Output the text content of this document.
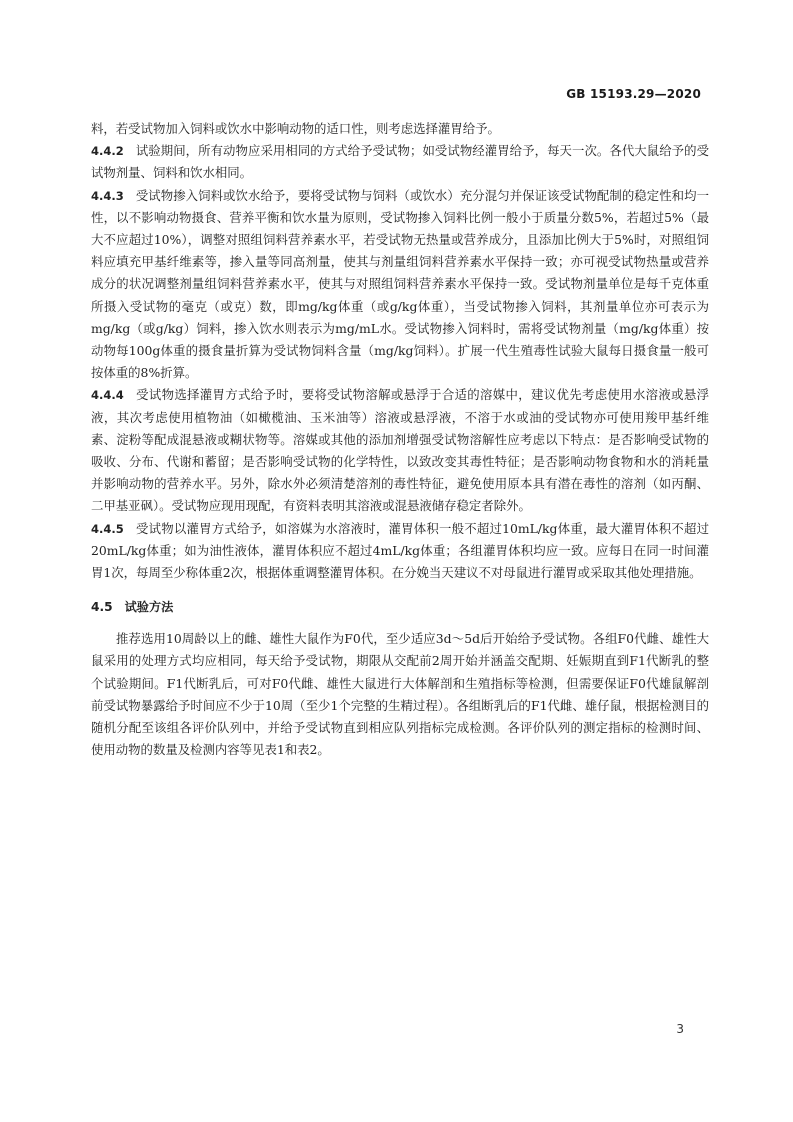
GB 15193.29—2020

料，若受试物加入饲料或饮水中影响动物的适口性，则考虑选择灌胃给予。

4.4.2 试验期间，所有动物应采用相同的方式给予受试物；如受试物经灌胃给予，每天一次。各代大鼠给予的受试物剂量、饲料和饮水相同。

4.4.3 受试物掺入饲料或饮水给予，要将受试物与饲料（或饮水）充分混匀并保证该受试物配制的稳定性和均一性，以不影响动物摄食、营养平衡和饮水量为原则，受试物掺入饲料比例一般小于质量分数5%，若超过5%（最大不应超过10%），调整对照组饲料营养素水平，若受试物无热量或营养成分，且添加比例大于5%时，对照组饲料应填充甲基纤维素等，掺入量等同高剂量，使其与剂量组饲料营养素水平保持一致；亦可视受试物热量或营养成分的状况调整剂量组饲料营养素水平，使其与对照组饲料营养素水平保持一致。受试物剂量单位是每千克体重所摄入受试物的毫克（或克）数，即mg/kg体重（或g/kg体重），当受试物掺入饲料，其剂量单位亦可表示为mg/kg（或g/kg）饲料，掺入饮水则表示为mg/mL水。受试物掺入饲料时，需将受试物剂量（mg/kg体重）按动物每100g体重的摄食量折算为受试物饲料含量（mg/kg饲料）。扩展一代生殖毒性试验大鼠每日摄食量一般可按体重的8%折算。

4.4.4 受试物选择灌胃方式给予时，要将受试物溶解或悬浮于合适的溶媒中，建议优先考虑使用水溶液或悬浮液，其次考虑使用植物油（如橄榄油、玉米油等）溶液或悬浮液，不溶于水或油的受试物亦可使用羧甲基纤维素、淀粉等配成混悬液或糊状物等。溶媒或其他的添加剂增强受试物溶解性应考虑以下特点：是否影响受试物的吸收、分布、代谢和蓄留；是否影响受试物的化学特性，以致改变其毒性特征；是否影响动物食物和水的消耗量并影响动物的营养水平。另外，除水外必须清楚溶剂的毒性特征，避免使用原本具有潜在毒性的溶剂（如丙酮、二甲基亚砜）。受试物应现用现配，有资料表明其溶液或混悬液储存稳定者除外。

4.4.5 受试物以灌胃方式给予，如溶媒为水溶液时，灌胃体积一般不超过10mL/kg体重，最大灌胃体积不超过20mL/kg体重；如为油性液体，灌胃体积应不超过4mL/kg体重；各组灌胃体积均应一致。应每日在同一时间灌胃1次，每周至少称体重2次，根据体重调整灌胃体积。在分娩当天建议不对母鼠进行灌胃或采取其他处理措施。

4.5 试验方法

推荐选用10周龄以上的雌、雄性大鼠作为F0代，至少适应3d～5d后开始给予受试物。各组F0代雌、雄性大鼠采用的处理方式均应相同，每天给予受试物，期限从交配前2周开始并涵盖交配期、妊娠期直到F1代断乳的整个试验期间。F1代断乳后，可对F0代雌、雄性大鼠进行大体解剖和生殖指标等检测，但需要保证F0代雄鼠解剖前受试物暴露给予时间应不少于10周（至少1个完整的生精过程）。各组断乳后的F1代雌、雄仔鼠，根据检测目的随机分配至该组各评价队列中，并给予受试物直到相应队列指标完成检测。各评价队列的测定指标的检测时间、使用动物的数量及检测内容等见表1和表2。

3
